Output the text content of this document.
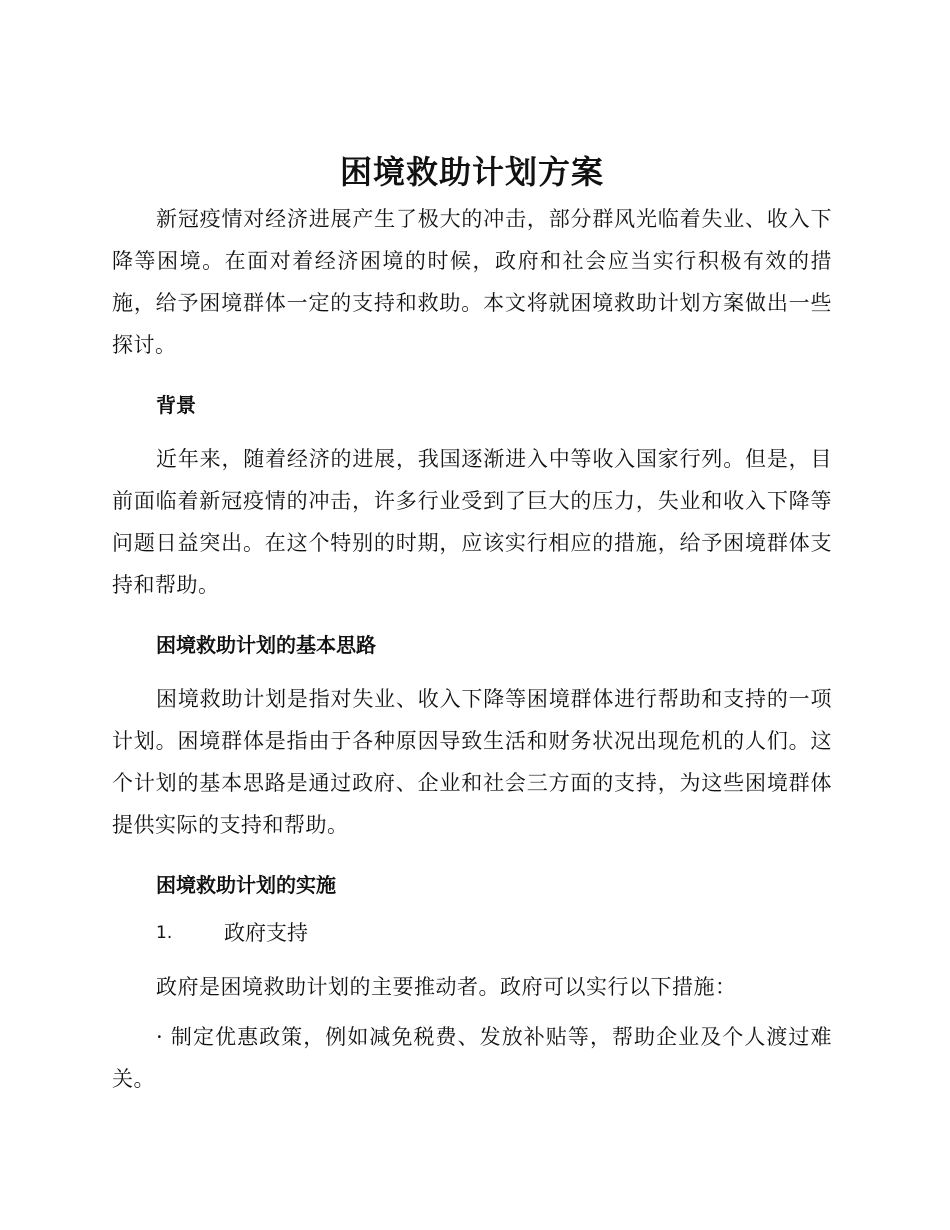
困境救助计划方案

新冠疫情对经济进展产生了极大的冲击，部分群风光临着失业、收入下降等困境。在面对着经济困境的时候，政府和社会应当实行积极有效的措施，给予困境群体一定的支持和救助。本文将就困境救助计划方案做出一些探讨。

背景

近年来，随着经济的进展，我国逐渐进入中等收入国家行列。但是，目前面临着新冠疫情的冲击，许多行业受到了巨大的压力，失业和收入下降等问题日益突出。在这个特别的时期，应该实行相应的措施，给予困境群体支持和帮助。

困境救助计划的基本思路

困境救助计划是指对失业、收入下降等困境群体进行帮助和支持的一项计划。困境群体是指由于各种原因导致生活和财务状况出现危机的人们。这个计划的基本思路是通过政府、企业和社会三方面的支持，为这些困境群体提供实际的支持和帮助。

困境救助计划的实施
1.	政府支持

政府是困境救助计划的主要推动者。政府可以实行以下措施：

· 制定优惠政策，例如减免税费、发放补贴等，帮助企业及个人渡过难关。
